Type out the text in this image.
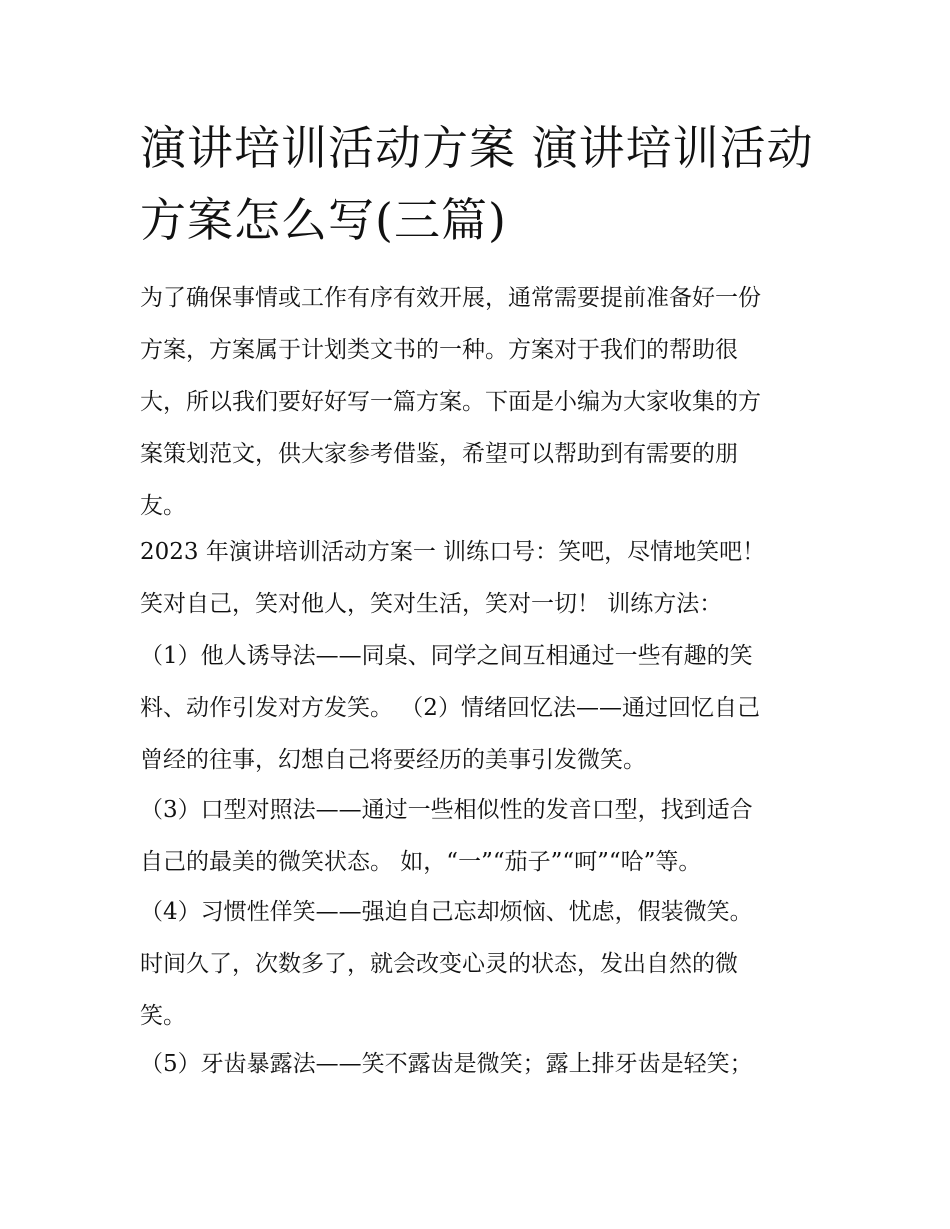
演讲培训活动方案 演讲培训活动方案怎么写(三篇)

为了确保事情或工作有序有效开展，通常需要提前准备好一份
方案，方案属于计划类文书的一种。方案对于我们的帮助很
大，所以我们要好好写一篇方案。下面是小编为大家收集的方
案策划范文，供大家参考借鉴，希望可以帮助到有需要的朋
友。

2023 年演讲培训活动方案一 训练口号：笑吧，尽情地笑吧！
笑对自己，笑对他人，笑对生活，笑对一切！ 训练方法：

（1）他人诱导法——同桌、同学之间互相通过一些有趣的笑
料、动作引发对方发笑。 （2）情绪回忆法——通过回忆自己
曾经的往事，幻想自己将要经历的美事引发微笑。

（3）口型对照法——通过一些相似性的发音口型，找到适合
自己的最美的微笑状态。 如，“一”“茄子”“呵”“哈”等。

（4）习惯性佯笑——强迫自己忘却烦恼、忧虑，假装微笑。
时间久了，次数多了，就会改变心灵的状态，发出自然的微
笑。

（5）牙齿暴露法——笑不露齿是微笑；露上排牙齿是轻笑；
